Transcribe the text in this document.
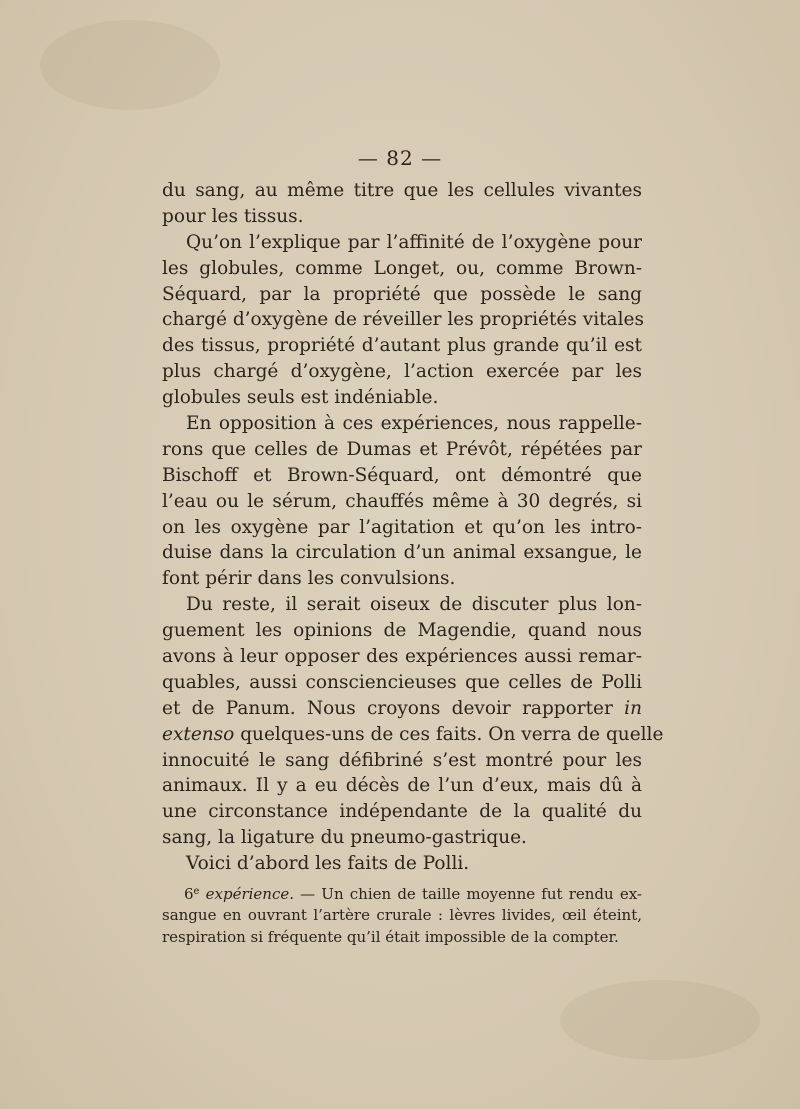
— 82 —
du sang, au même titre que les cellules vivantes
pour les tissus.
Qu’on l’explique par l’affinité de l’oxygène pour
les globules, comme Longet, ou, comme Brown-
Séquard, par la propriété que possède le sang
chargé d’oxygène de réveiller les propriétés vitales
des tissus, propriété d’autant plus grande qu’il est
plus chargé d’oxygène, l’action exercée par les
globules seuls est indéniable.
En opposition à ces expériences, nous rappelle-
rons que celles de Dumas et Prévôt, répétées par
Bischoff et Brown-Séquard, ont démontré que
l’eau ou le sérum, chauffés même à 30 degrés, si
on les oxygène par l’agitation et qu’on les intro-
duise dans la circulation d’un animal exsangue, le
font périr dans les convulsions.
Du reste, il serait oiseux de discuter plus lon-
guement les opinions de Magendie, quand nous
avons à leur opposer des expériences aussi remar-
quables, aussi consciencieuses que celles de Polli
et de Panum. Nous croyons devoir rapporter in
extenso quelques-uns de ces faits. On verra de quelle
innocuité le sang défibriné s’est montré pour les
animaux. Il y a eu décès de l’un d’eux, mais dû à
une circonstance indépendante de la qualité du
sang, la ligature du pneumo-gastrique.
Voici d’abord les faits de Polli.
6e expérience. — Un chien de taille moyenne fut rendu ex-
sangue en ouvrant l’artère crurale : lèvres livides, œil éteint,
respiration si fréquente qu’il était impossible de la compter.
